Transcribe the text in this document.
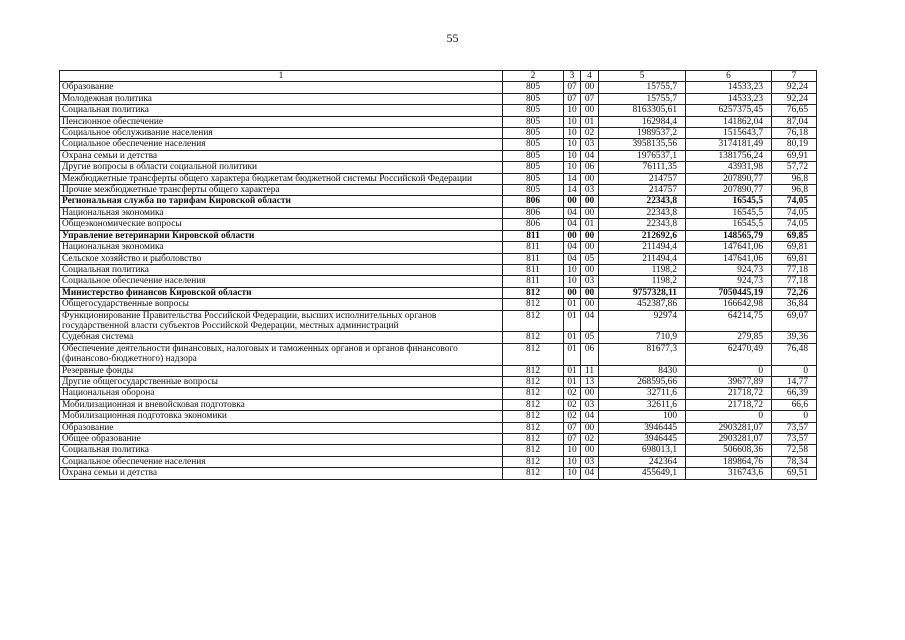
55
1	2	3	4	5	6	7
Образование	805	07	00	15755,7	14533,23	92,24
Молодежная политика	805	07	07	15755,7	14533,23	92,24
Социальная политика	805	10	00	8163305,61	6257375,45	76,65
Пенсионное обеспечение	805	10	01	162984,4	141862,04	87,04
Социальное обслуживание населения	805	10	02	1989537,2	1515643,7	76,18
Социальное обеспечение населения	805	10	03	3958135,56	3174181,49	80,19
Охрана семьи и детства	805	10	04	1976537,1	1381756,24	69,91
Другие вопросы в области социальной политики	805	10	06	76111,35	43931,98	57,72
Межбюджетные трансферты общего характера бюджетам бюджетной системы Российской Федерации	805	14	00	214757	207890,77	96,8
Прочие межбюджетные трансферты общего характера	805	14	03	214757	207890,77	96,8
Региональная служба по тарифам Кировской области	806	00	00	22343,8	16545,5	74,05
Национальная экономика	806	04	00	22343,8	16545,5	74,05
Общеэкономические вопросы	806	04	01	22343,8	16545,5	74,05
Управление ветеринарии Кировской области	811	00	00	212692,6	148565,79	69,85
Национальная экономика	811	04	00	211494,4	147641,06	69,81
Сельское хозяйство и рыболовство	811	04	05	211494,4	147641,06	69,81
Социальная политика	811	10	00	1198,2	924,73	77,18
Социальное обеспечение населения	811	10	03	1198,2	924,73	77,18
Министерство финансов Кировской области	812	00	00	9757328,11	7050445,19	72,26
Общегосударственные вопросы	812	01	00	452387,86	166642,98	36,84
Функционирование Правительства Российской Федерации, высших исполнительных органов государственной власти субъектов Российской Федерации, местных администраций	812	01	04	92974	64214,75	69,07
Судебная система	812	01	05	710,9	279,85	39,36
Обеспечение деятельности финансовых, налоговых и таможенных органов и органов финансового (финансово-бюджетного) надзора	812	01	06	81677,3	62470,49	76,48
Резервные фонды	812	01	11	8430	0	0
Другие общегосударственные вопросы	812	01	13	268595,66	39677,89	14,77
Национальная оборона	812	02	00	32711,6	21718,72	66,39
Мобилизационная и вневойсковая подготовка	812	02	03	32611,6	21718,72	66,6
Мобилизационная подготовка экономики	812	02	04	100	0	0
Образование	812	07	00	3946445	2903281,07	73,57
Общее образование	812	07	02	3946445	2903281,07	73,57
Социальная политика	812	10	00	698013,1	506608,36	72,58
Социальное обеспечение населения	812	10	03	242364	189864,76	78,34
Охрана семьи и детства	812	10	04	455649,1	316743,6	69,51
